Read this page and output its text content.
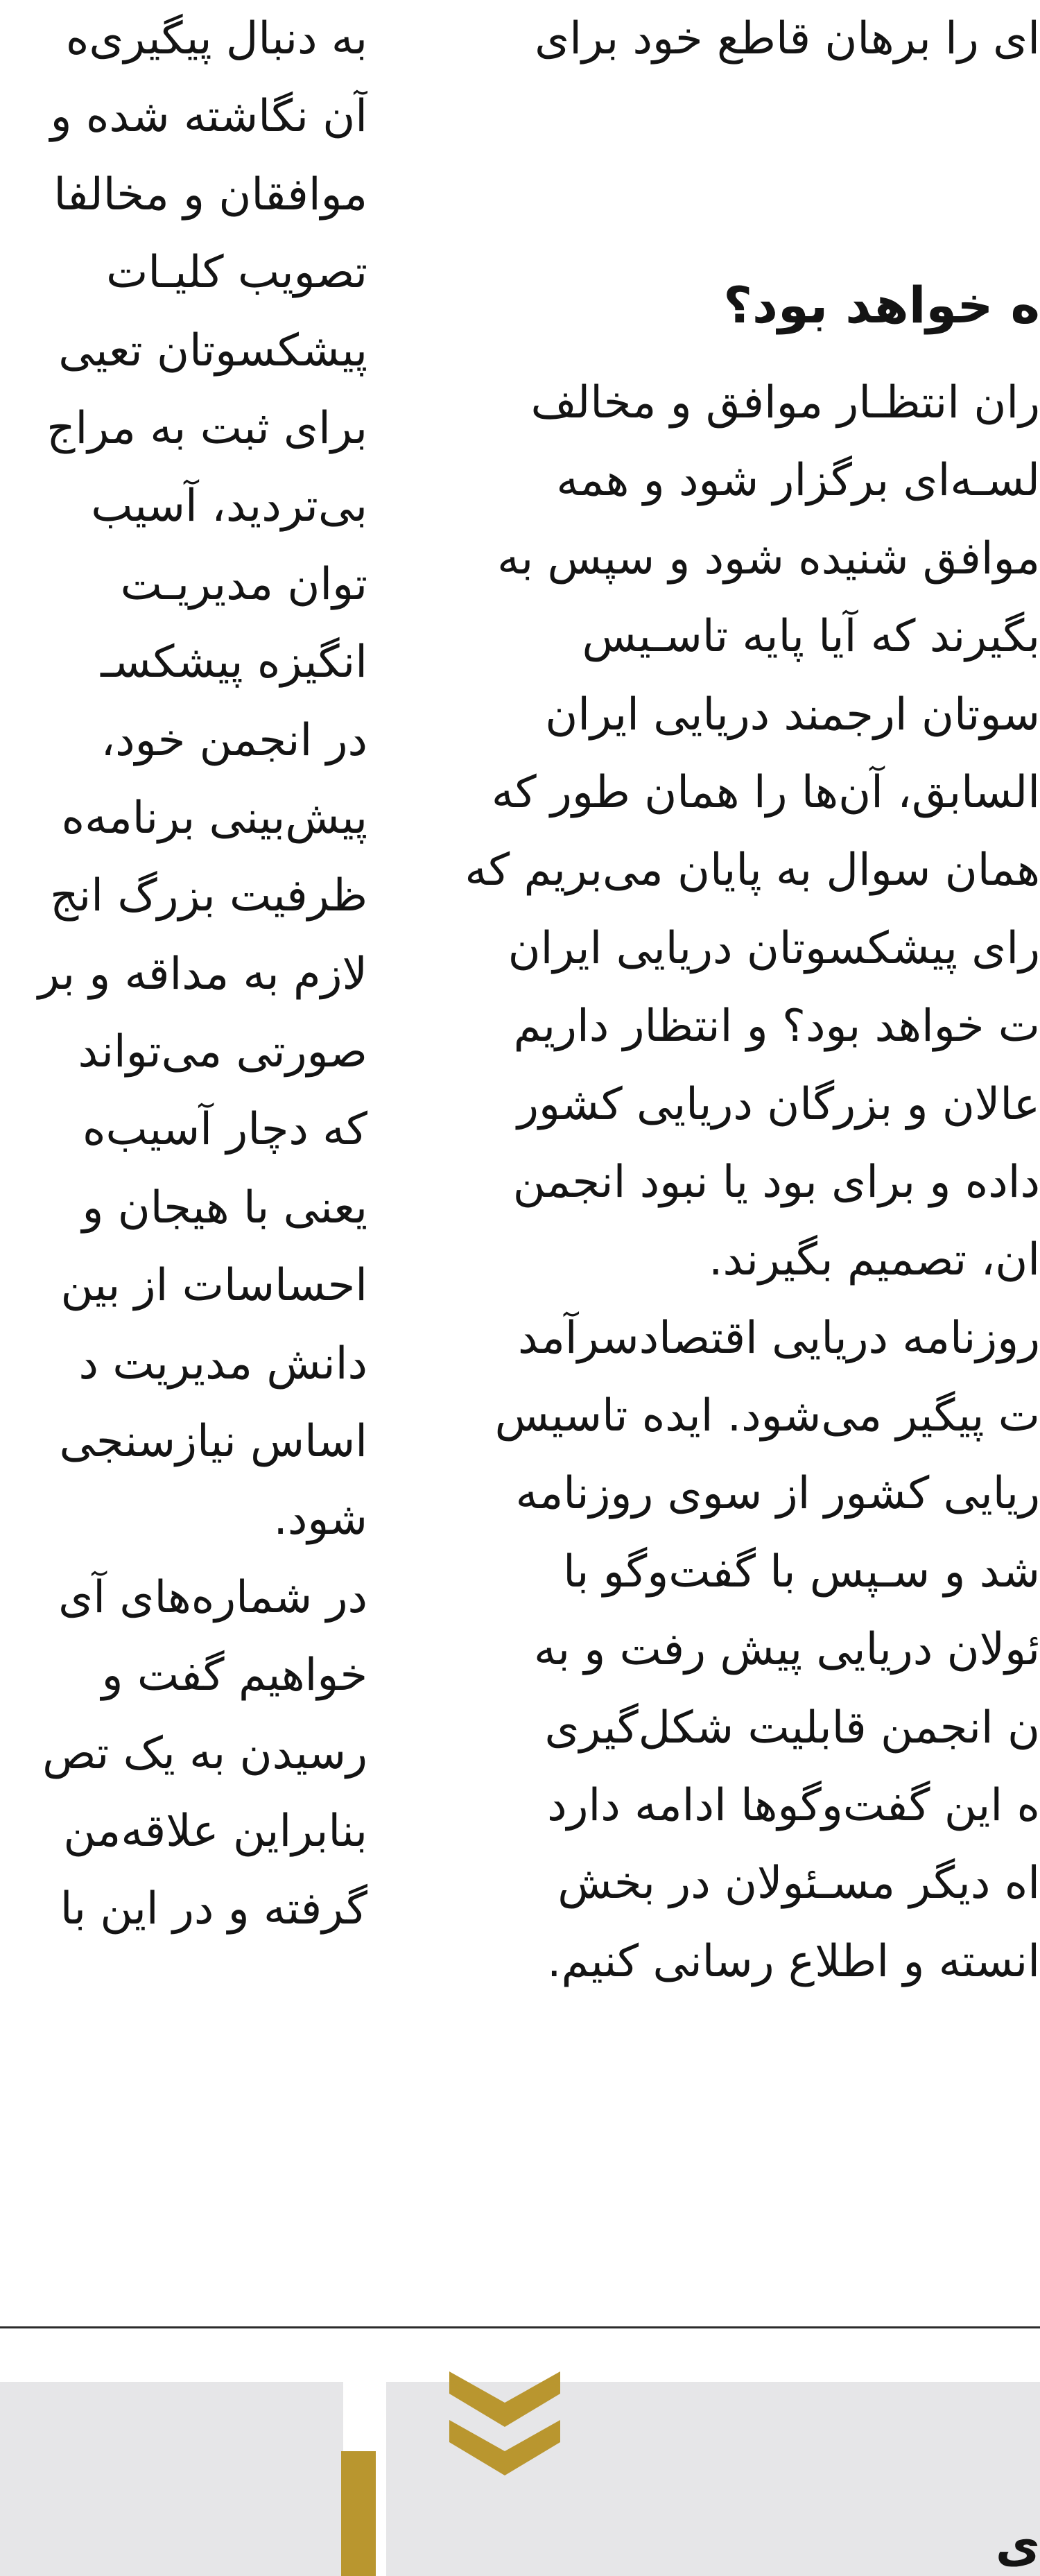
به دنبال پیگیری‌ه
آن نگاشته شده و
موافقان و مخالفا
تصویب کلیـات
پیشکسوتان تعیی
برای ثبت به مراج
بی‌تردید، آسیب
توان مدیریـت
انگیزه پیشکسـ
در انجمن خود،
پیش‌بینی برنامه‌ه
ظرفیت بزرگ انج
لازم به مداقه و بر
صورتی می‌تواند
که دچار آسیب‌ه
یعنی با هیجان و
احساسات از بین
دانش مدیریت د
اساس نیازسنجی
شود.
در شماره‌های آی
خواهیم گفت و
رسیدن به یک تص
بنابراین علاقه‌من
گرفته و در این با
ای را برهان قاطع خود برای
ه خواهد بود؟
ران انتظـار موافق و مخالف
لسـه‌ای برگزار شود و همه
موافق شنیده شود و سپس به
بگیرند که آیا پایه تاسـیس
سوتان ارجمند دریایی ایران
السابق، آن‌ها را همان طور که
همان سوال به پایان می‌بریم که
رای پیشکسوتان دریایی ایران
ت خواهد بود؟ و انتظار داریم
عالان و بزرگان دریایی کشور
داده و برای بود یا نبود انجمن
ان، تصمیم بگیرند.
روزنامه دریایی اقتصادسرآمد
ت پیگیر می‌شود. ایده تاسیس
ریایی کشور از سوی روزنامه
شد و سـپس با گفت‌وگو با
ئولان دریایی پیش رفت و به
ن انجمن قابلیت شکل‌گیری
ه این گفت‌وگوها ادامه دارد
اه دیگر مسـئولان در بخش
انسته و اطلاع رسانی کنیم.
ی
